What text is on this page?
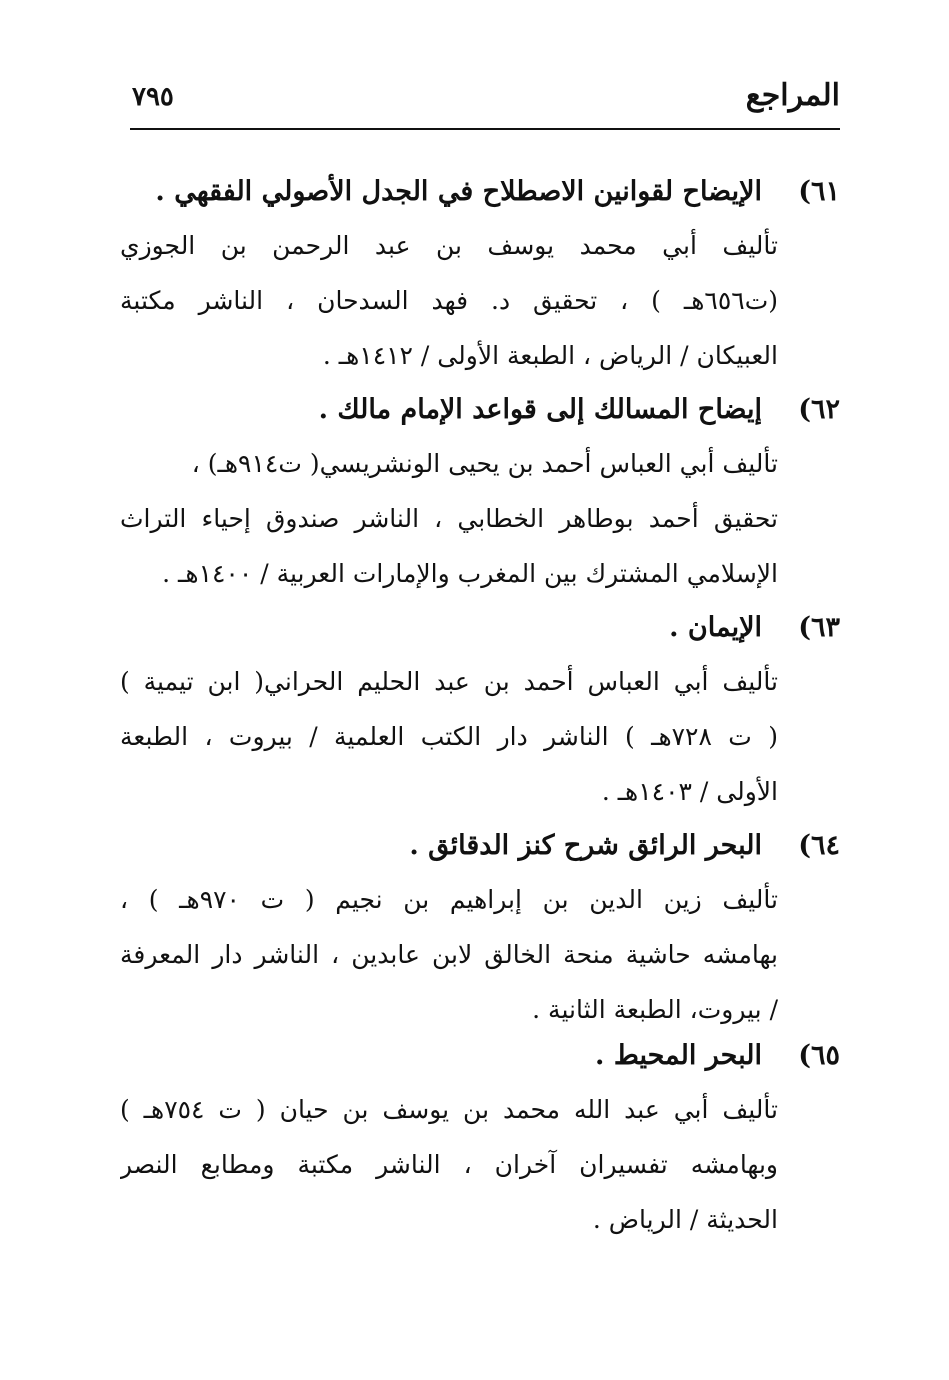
المراجع
٧٩٥
٦١)
الإيضاح لقوانين الاصطلاح في الجدل الأصولي الفقهي .
تأليف أبي محمد يوسف بن عبد الرحمن بن الجوزي
(ت٦٥٦هـ ) ، تحقيق د. فهد السدحان ، الناشر مكتبة
العبيكان / الرياض ، الطبعة الأولى / ١٤١٢هـ .
٦٢)
إيضاح المسالك إلى قواعد الإمام مالك .
تأليف أبي العباس أحمد بن يحيى الونشريسي( ت٩١٤هـ) ،
تحقيق أحمد بوطاهر الخطابي ، الناشر صندوق إحياء التراث
الإسلامي المشترك بين المغرب والإمارات العربية / ١٤٠٠هـ .
٦٣)
الإيمان .
تأليف أبي العباس أحمد بن عبد الحليم الحراني( ابن تيمية )
( ت ٧٢٨هـ ) الناشر دار الكتب العلمية / بيروت ، الطبعة
الأولى / ١٤٠٣هـ .
٦٤)
البحر الرائق شرح كنز الدقائق .
تأليف زين الدين بن إبراهيم بن نجيم ( ت ٩٧٠هـ ) ،
بهامشه حاشية منحة الخالق لابن عابدين ، الناشر دار المعرفة
/ بيروت، الطبعة الثانية .
٦٥)
البحر المحيط .
تأليف أبي عبد الله محمد بن يوسف بن حيان ( ت ٧٥٤هـ )
وبهامشه تفسيران آخران ، الناشر مكتبة ومطابع النصر
الحديثة / الرياض .
